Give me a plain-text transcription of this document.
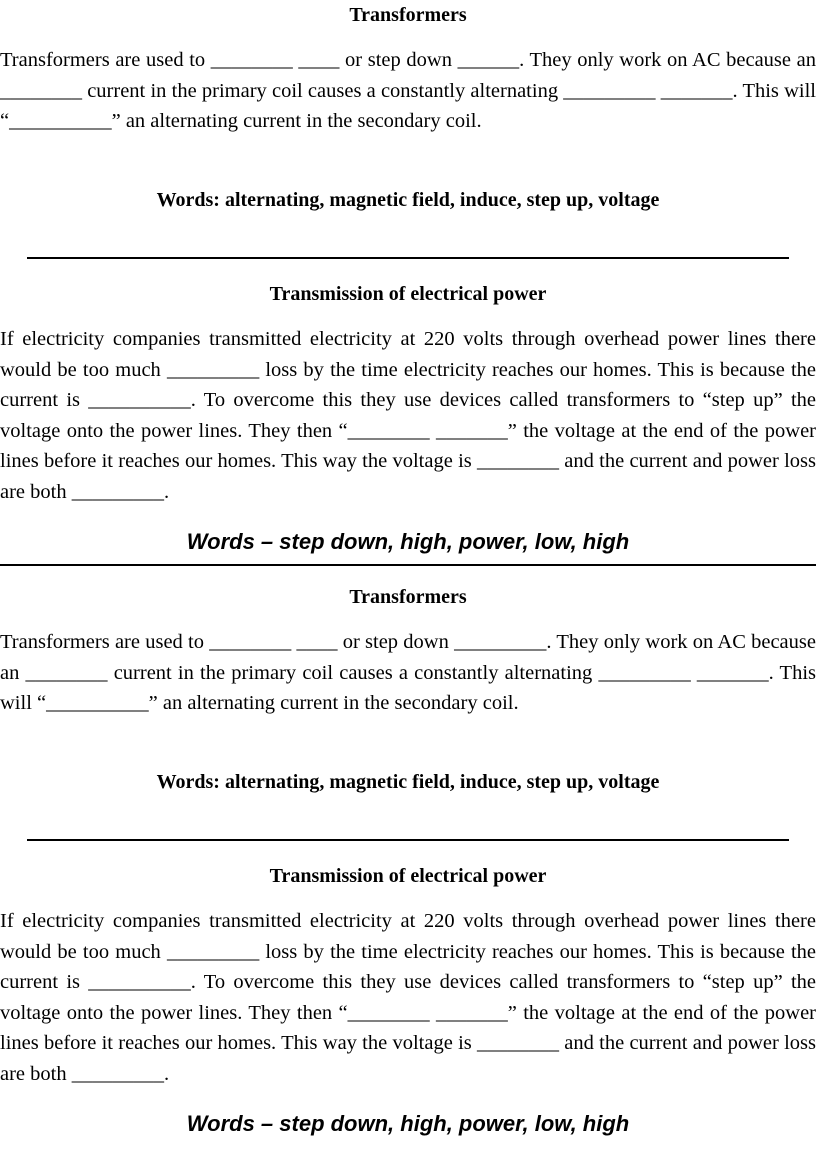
Transformers

Transformers are used to ________ ____ or step down ______. They only work on AC because an ________ current in the primary coil causes a constantly alternating _________ _______. This will “__________” an alternating current in the secondary coil.

Words: alternating, magnetic field, induce, step up, voltage

Transmission of electrical power

If electricity companies transmitted electricity at 220 volts through overhead power lines there would be too much _________ loss by the time electricity reaches our homes. This is because the current is __________. To overcome this they use devices called transformers to “step up” the voltage onto the power lines. They then “________ _______” the voltage at the end of the power lines before it reaches our homes. This way the voltage is ________ and the current and power loss are both _________.

Words – step down, high, power, low, high

Transformers

Transformers are used to ________ ____ or step down _________. They only work on AC because an ________ current in the primary coil causes a constantly alternating _________ _______. This will “__________” an alternating current in the secondary coil.

Words: alternating, magnetic field, induce, step up, voltage

Transmission of electrical power

If electricity companies transmitted electricity at 220 volts through overhead power lines there would be too much _________ loss by the time electricity reaches our homes. This is because the current is __________. To overcome this they use devices called transformers to “step up” the voltage onto the power lines. They then “________ _______” the voltage at the end of the power lines before it reaches our homes. This way the voltage is ________ and the current and power loss are both _________.

Words – step down, high, power, low, high
